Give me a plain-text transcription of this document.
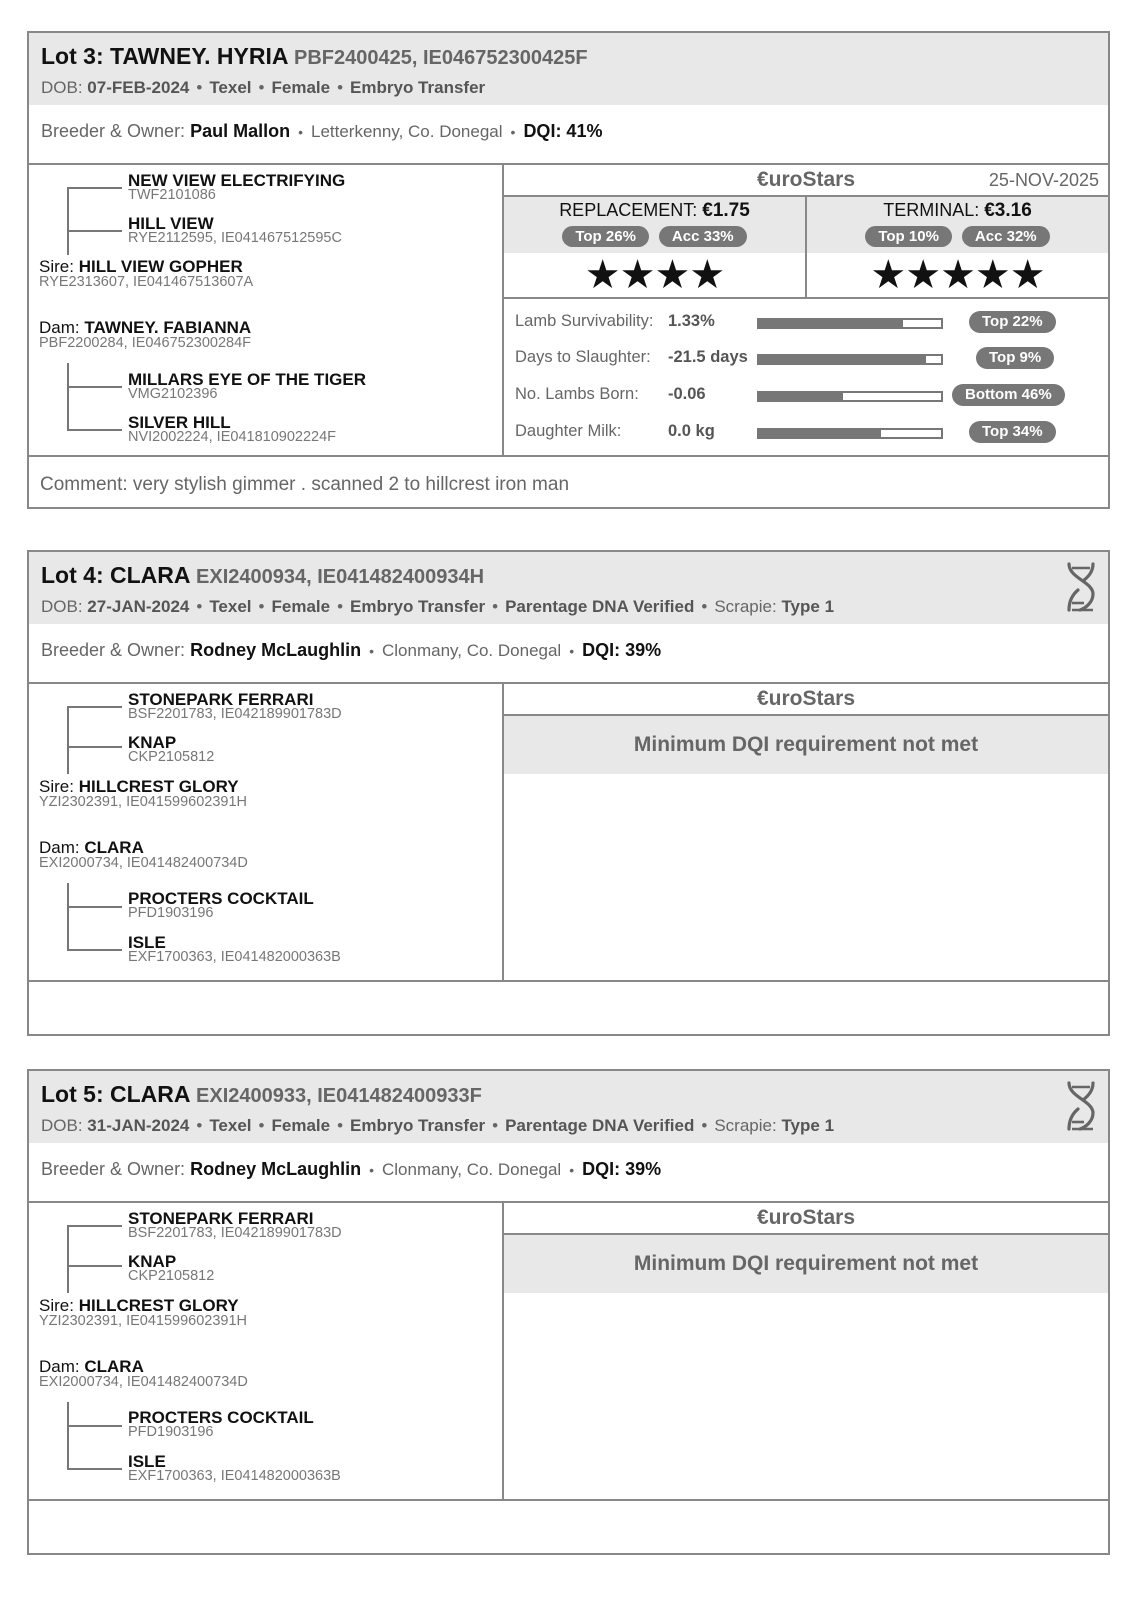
Lot 3: TAWNEY. HYRIA PBF2400425, IE046752300425F
DOB: 07-FEB-2024 • Texel • Female • Embryo Transfer
Breeder & Owner: Paul Mallon • Letterkenny, Co. Donegal • DQI: 41%
NEW VIEW ELECTRIFYING
TWF2101086
HILL VIEW
RYE2112595, IE041467512595C
Sire: HILL VIEW GOPHER
RYE2313607, IE041467513607A
Dam: TAWNEY. FABIANNA
PBF2200284, IE046752300284F
MILLARS EYE OF THE TIGER
VMG2102396
SILVER HILL
NVI2002224, IE041810902224F
€uroStars	25-NOV-2025
REPLACEMENT: €1.75
Top 26%	Acc 33%
★★★★
TERMINAL: €3.16
Top 10%	Acc 32%
★★★★★
Lamb Survivability: 1.33%	Top 22%
Days to Slaughter: -21.5 days	Top 9%
No. Lambs Born: -0.06	Bottom 46%
Daughter Milk:	0.0 kg	Top 34%
Comment: very stylish gimmer . scanned 2 to hillcrest iron man
Lot 4: CLARA EXI2400934, IE041482400934H
DOB: 27-JAN-2024 • Texel • Female • Embryo Transfer • Parentage DNA Verified • Scrapie: Type 1
Breeder & Owner: Rodney McLaughlin • Clonmany, Co. Donegal • DQI: 39%
STONEPARK FERRARI
BSF2201783, IE042189901783D
KNAP
CKP2105812
Sire: HILLCREST GLORY
YZI2302391, IE041599602391H
Dam: CLARA
EXI2000734, IE041482400734D
PROCTERS COCKTAIL
PFD1903196
ISLE
EXF1700363, IE041482000363B
€uroStars
Minimum DQI requirement not met
Lot 5: CLARA EXI2400933, IE041482400933F
DOB: 31-JAN-2024 • Texel • Female • Embryo Transfer • Parentage DNA Verified • Scrapie: Type 1
Breeder & Owner: Rodney McLaughlin • Clonmany, Co. Donegal • DQI: 39%
STONEPARK FERRARI
BSF2201783, IE042189901783D
KNAP
CKP2105812
Sire: HILLCREST GLORY
YZI2302391, IE041599602391H
Dam: CLARA
EXI2000734, IE041482400734D
PROCTERS COCKTAIL
PFD1903196
ISLE
EXF1700363, IE041482000363B
€uroStars
Minimum DQI requirement not met
